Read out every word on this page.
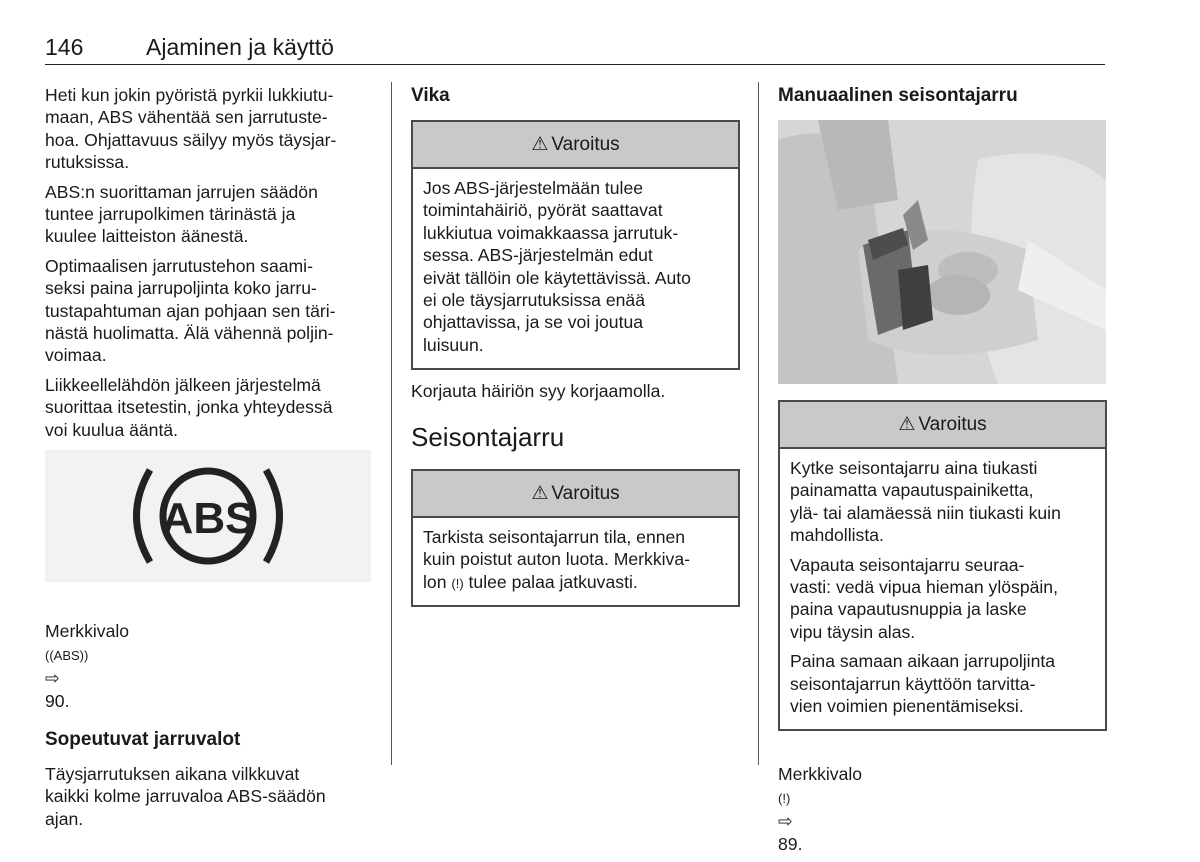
146	Ajaminen ja käyttö

Heti kun jokin pyöristä pyrkii lukkiutu-
maan, ABS vähentää sen jarrutuste-
hoa. Ohjattavuus säilyy myös täysjar-
rutuksissa.

ABS:n suorittaman jarrujen säädön
tuntee jarrupolkimen tärinästä ja
kuulee laitteiston äänestä.

Optimaalisen jarrutustehon saami-
seksi paina jarrupoljinta koko jarru-
tustapahtuman ajan pohjaan sen täri-
nästä huolimatta. Älä vähennä poljin-
voimaa.

Liikkeellelähdön jälkeen järjestelmä
suorittaa itsetestin, jonka yhteydessä
voi kuulua ääntä.

ABS

Merkkivalo
((ABS))
⇨
90.

Sopeutuvat jarruvalot

Täysjarrutuksen aikana vilkkuvat
kaikki kolme jarruvaloa ABS-säädön
ajan.

Vika

⚠ Varoitus

Jos ABS-järjestelmään tulee
toimintahäiriö, pyörät saattavat
lukkiutua voimakkaassa jarrutuk-
sessa. ABS-järjestelmän edut
eivät tällöin ole käytettävissä. Auto
ei ole täysjarrutuksissa enää
ohjattavissa, ja se voi joutua
luisuun.

Korjauta häiriön syy korjaamolla.

Seisontajarru

⚠ Varoitus

Tarkista seisontajarrun tila, ennen
kuin poistut auton luota. Merkkiva-
lon (!) tulee palaa jatkuvasti.

Manuaalinen seisontajarru

⚠ Varoitus

Kytke seisontajarru aina tiukasti
painamatta vapautuspainiketta,
ylä- tai alamäessä niin tiukasti kuin
mahdollista.

Vapauta seisontajarru seuraa-
vasti: vedä vipua hieman ylöspäin,
paina vapautusnuppia ja laske
vipu täysin alas.

Paina samaan aikaan jarrupoljinta
seisontajarrun käyttöön tarvitta-
vien voimien pienentämiseksi.

Merkkivalo
(!)
⇨
89.
